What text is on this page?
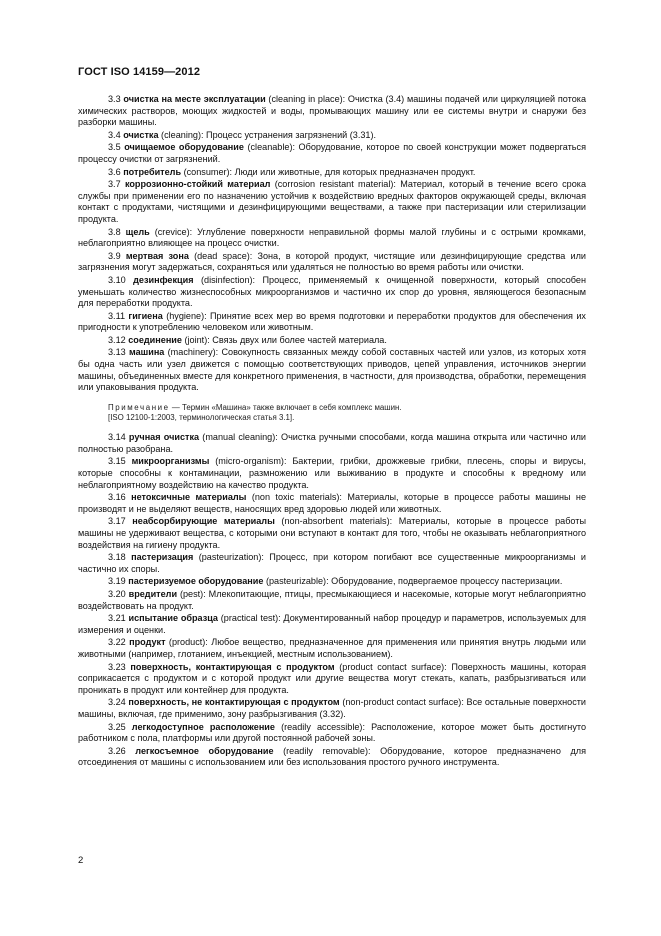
ГОСТ ISO 14159—2012

3.3 очистка на месте эксплуатации (cleaning in place): Очистка (3.4) машины подачей или циркуляцией потока химических растворов, моющих жидкостей и воды, промывающих машину или ее системы внутри и снаружи без разборки машины.

3.4 очистка (cleaning): Процесс устранения загрязнений (3.31).

3.5 очищаемое оборудование (cleanable): Оборудование, которое по своей конструкции может подвергаться процессу очистки от загрязнений.

3.6 потребитель (consumer): Люди или животные, для которых предназначен продукт.

3.7 коррозионно-стойкий материал (corrosion resistant material): Материал, который в течение всего срока службы при применении его по назначению устойчив к воздействию вредных факторов окружающей среды, включая контакт с продуктами, чистящими и дезинфицирующими веществами, а также при пастеризации или стерилизации продукта.

3.8 щель (crevice): Углубление поверхности неправильной формы малой глубины и с острыми кромками, неблагоприятно влияющее на процесс очистки.

3.9 мертвая зона (dead space): Зона, в которой продукт, чистящие или дезинфицирующие средства или загрязнения могут задержаться, сохраняться или удаляться не полностью во время работы или очистки.

3.10 дезинфекция (disinfection): Процесс, применяемый к очищенной поверхности, который способен уменьшать количество жизнеспособных микроорганизмов и частично их спор до уровня, являющегося безопасным для переработки продукта.

3.11 гигиена (hygiene): Принятие всех мер во время подготовки и переработки продуктов для обеспечения их пригодности к употреблению человеком или животным.

3.12 соединение (joint): Связь двух или более частей материала.

3.13 машина (machinery): Совокупность связанных между собой составных частей или узлов, из которых хотя бы одна часть или узел движется с помощью соответствующих приводов, цепей управления, источников энергии машины, объединенных вместе для конкретного применения, в частности, для производства, обработки, перемещения или упаковывания продукта.

Примечание — Термин «Машина» также включает в себя комплекс машин.
[ISO 12100-1:2003, терминологическая статья 3.1].

3.14 ручная очистка (manual cleaning): Очистка ручными способами, когда машина открыта или частично или полностью разобрана.

3.15 микроорганизмы (micro-organism): Бактерии, грибки, дрожжевые грибки, плесень, споры и вирусы, которые способны к контаминации, размножению или выживанию в продукте и способны к вредному или неблагоприятному воздействию на качество продукта.

3.16 нетоксичные материалы (non toxic materials): Материалы, которые в процессе работы машины не производят и не выделяют веществ, наносящих вред здоровью людей или животных.

3.17 неабсорбирующие материалы (non-absorbent materials): Материалы, которые в процессе работы машины не удерживают вещества, с которыми они вступают в контакт для того, чтобы не оказывать неблагоприятного воздействия на гигиену продукта.

3.18 пастеризация (pasteurization): Процесс, при котором погибают все существенные микроорганизмы и частично их споры.

3.19 пастеризуемое оборудование (pasteurizable): Оборудование, подвергаемое процессу пастеризации.

3.20 вредители (pest): Млекопитающие, птицы, пресмыкающиеся и насекомые, которые могут неблагоприятно воздействовать на продукт.

3.21 испытание образца (practical test): Документированный набор процедур и параметров, используемых для измерения и оценки.

3.22 продукт (product): Любое вещество, предназначенное для применения или принятия внутрь людьми или животными (например, глотанием, инъекцией, местным использованием).

3.23 поверхность, контактирующая с продуктом (product contact surface): Поверхность машины, которая соприкасается с продуктом и с которой продукт или другие вещества могут стекать, капать, разбрызгиваться или проникать в продукт или контейнер для продукта.

3.24 поверхность, не контактирующая с продуктом (non-product contact surface): Все остальные поверхности машины, включая, где применимо, зону разбрызгивания (3.32).

3.25 легкодоступное расположение (readily accessible): Расположение, которое может быть достигнуто работником с пола, платформы или другой постоянной рабочей зоны.

3.26 легкосъемное оборудование (readily removable): Оборудование, которое предназначено для отсоединения от машины с использованием или без использования простого ручного инструмента.

2
